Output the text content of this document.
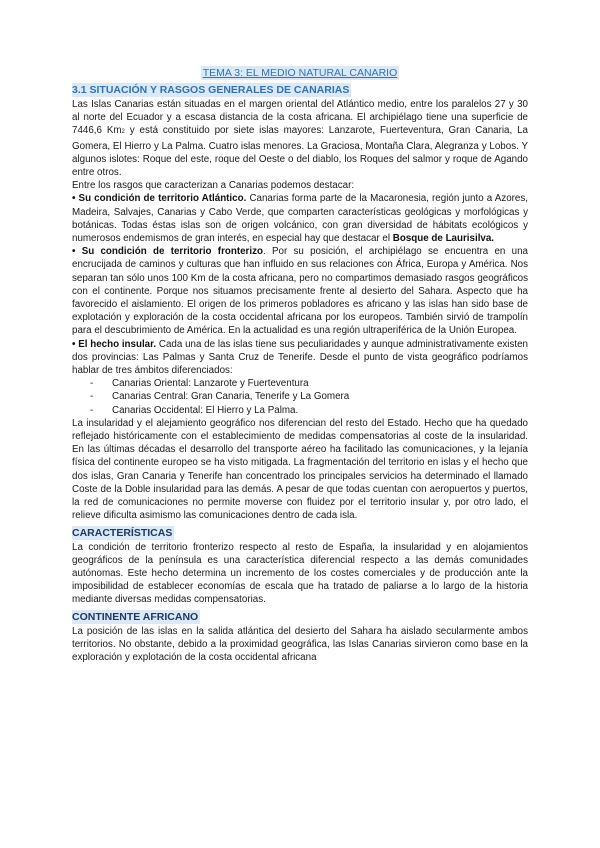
TEMA 3: EL MEDIO NATURAL CANARIO
3.1 SITUACIÓN Y RASGOS GENERALES DE CANARIAS

Las Islas Canarias están situadas en el margen oriental del Atlántico medio, entre los paralelos 27 y 30 al norte del Ecuador y a escasa distancia de la costa africana. El archipiélago tiene una superficie de 7446,6 Km2 y está constituido por siete islas mayores: Lanzarote, Fuerteventura, Gran Canaria, La Gomera, El Hierro y La Palma. Cuatro islas menores. La Graciosa, Montaña Clara, Alegranza y Lobos. Y algunos islotes: Roque del este, roque del Oeste o del diablo, los Roques del salmor y roque de Agando entre otros.

Entre los rasgos que caracterizan a Canarias podemos destacar:

• Su condición de territorio Atlántico. Canarias forma parte de la Macaronesia, región junto a Azores, Madeira, Salvajes, Canarias y Cabo Verde, que comparten características geológicas y morfológicas y botánicas. Todas éstas islas son de origen volcánico, con gran diversidad de hábitats ecológicos y numerosos endemismos de gran interés, en especial hay que destacar el Bosque de Laurisilva.

• Su condición de territorio fronterizo. Por su posición, el archipiélago se encuentra en una encrucijada de caminos y culturas que han influido en sus relaciones con África, Europa y América. Nos separan tan sólo unos 100 Km de la costa africana, pero no compartimos demasiado rasgos geográficos con el continente. Porque nos situamos precisamente frente al desierto del Sahara. Aspecto que ha favorecido el aislamiento. El origen de los primeros pobladores es africano y las islas han sido base de explotación y exploración de la costa occidental africana por los europeos. También sirvió de trampolín para el descubrimiento de América. En la actualidad es una región ultraperiférica de la Unión Europea.

• El hecho insular. Cada una de las islas tiene sus peculiaridades y aunque administrativamente existen dos provincias: Las Palmas y Santa Cruz de Tenerife. Desde el punto de vista geográfico podríamos hablar de tres ámbitos diferenciados:

- Canarias Oriental: Lanzarote y Fuerteventura
- Canarias Central: Gran Canaria, Tenerife y La Gomera
- Canarias Occidental: El Hierro y La Palma.

La insularidad y el alejamiento geográfico nos diferencian del resto del Estado. Hecho que ha quedado reflejado históricamente con el establecimiento de medidas compensatorias al coste de la insularidad. En las últimas décadas el desarrollo del transporte aéreo ha facilitado las comunicaciones, y la lejanía física del continente europeo se ha visto mitigada. La fragmentación del territorio en islas y el hecho que dos islas, Gran Canaria y Tenerife han concentrado los principales servicios ha determinado el llamado Coste de la Doble insularidad para las demás. A pesar de que todas cuentan con aeropuertos y puertos, la red de comunicaciones no permite moverse con fluidez por el territorio insular y, por otro lado, el relieve dificulta asimismo las comunicaciones dentro de cada isla.

CARACTERÍSTICAS

La condición de territorio fronterizo respecto al resto de España, la insularidad y en alojamientos geográficos de la península es una característica diferencial respecto a las demás comunidades autónomas. Este hecho determina un incremento de los costes comerciales y de producción ante la imposibilidad de establecer economías de escala que ha tratado de paliarse a lo largo de la historia mediante diversas medidas compensatorias.

CONTINENTE AFRICANO

La posición de las islas en la salida atlántica del desierto del Sahara ha aislado secularmente ambos territorios. No obstante, debido a la proximidad geográfica, las Islas Canarias sirvieron como base en la exploración y explotación de la costa occidental africana
